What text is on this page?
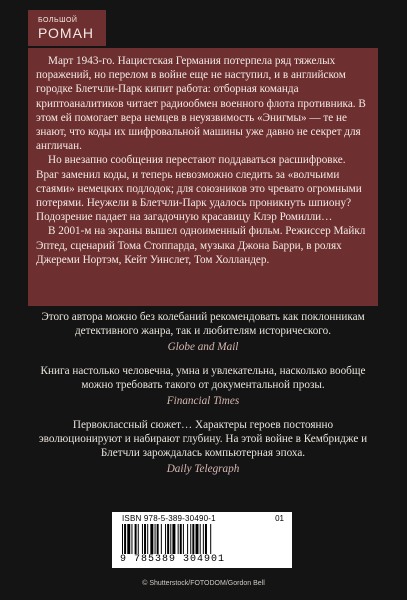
БОЛЬШОЙ
РОМАН

Март 1943-го. Нацистская Германия потерпела ряд тяжелых поражений, но перелом в войне еще не наступил, и в английском городке Блетчли-Парк кипит работа: отборная команда криптоаналитиков читает радиообмен военного флота противника. В этом ей помогает вера немцев в неуязвимость «Энигмы» — те не знают, что коды их шифровальной машины уже давно не секрет для англичан.

Но внезапно сообщения перестают поддаваться расшифровке. Враг заменил коды, и теперь невозможно следить за «волчьими стаями» немецких подлодок; для союзников это чревато огромными потерями. Неужели в Блетчли-Парк удалось проникнуть шпиону? Подозрение падает на загадочную красавицу Клэр Ромилли…

В 2001-м на экраны вышел одноименный фильм. Режиссер Майкл Эптед, сценарий Тома Стоппарда, музыка Джона Барри, в ролях Джереми Нортэм, Кейт Уинслет, Том Холландер.

Этого автора можно без колебаний рекомендовать как поклонникам детективного жанра, так и любителям исторического.

Globe and Mail

Книга настолько человечна, умна и увлекательна, насколько вообще можно требовать такого от документальной прозы.

Financial Times

Первоклассный сюжет… Характеры героев постоянно эволюционируют и набирают глубину. На этой войне в Кембридже и Блетчли зарождалась компьютерная эпоха.

Daily Telegraph

ISBN 978-5-389-30490-1	01
9 785389 304901
© Shutterstock/FOTODOM/Gordon Bell
